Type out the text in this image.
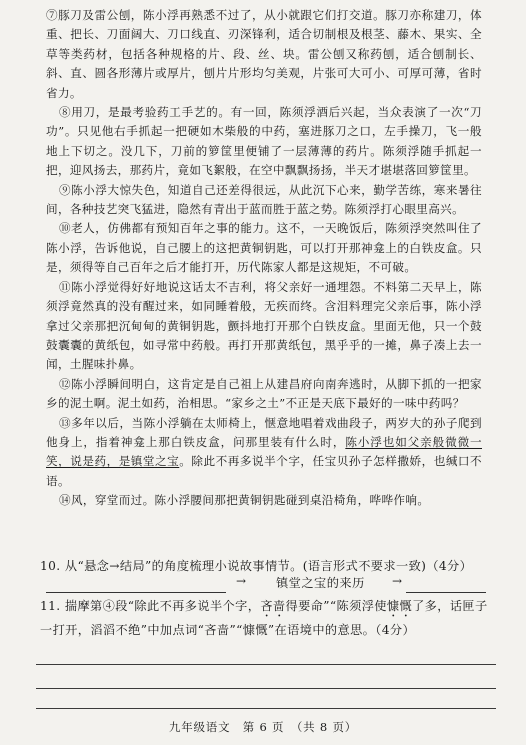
⑦豚刀及雷公刨，陈小浮再熟悉不过了，从小就跟它们打交道。豚刀亦称建刀，体重、把长、刀面阔大、刀口线直、刃深锋利，适合切制根及根茎、藤木、果实、全草等类药材，包括各种规格的片、段、丝、块。雷公刨又称药刨，适合刨制长、斜、直、圆各形薄片或厚片，刨片片形均匀美观，片张可大可小、可厚可薄，省时省力。

⑧用刀，是最考验药工手艺的。有一回，陈须浮酒后兴起，当众表演了一次“刀功”。只见他右手抓起一把硬如木柴般的中药，塞进豚刀之口，左手操刀，飞一般地上下切之。没几下，刀前的箩筐里便铺了一层薄薄的药片。陈须浮随手抓起一把，迎风扬去，那药片，竟如飞絮般，在空中飘飘扬扬，半天才堪堪落回箩筐里。

⑨陈小浮大惊失色，知道自己还差得很远，从此沉下心来，勤学苦练，寒来暑往间，各种技艺突飞猛进，隐然有青出于蓝而胜于蓝之势。陈须浮打心眼里高兴。

⑩老人，仿佛都有预知百年之事的能力。这不，一天晚饭后，陈须浮突然叫住了陈小浮，告诉他说，自己腰上的这把黄铜钥匙，可以打开那神龛上的白铁皮盒。只是，须得等自己百年之后才能打开，历代陈家人都是这规矩，不可破。

⑪陈小浮觉得好好地说这话太不吉利，将父亲好一通埋怨。不料第二天早上，陈须浮竟然真的没有醒过来，如同睡着般，无疾而终。含泪料理完父亲后事，陈小浮拿过父亲那把沉甸甸的黄铜钥匙，颤抖地打开那个白铁皮盒。里面无他，只一个鼓鼓囊囊的黄纸包，如寻常中药般。再打开那黄纸包，黑乎乎的一摊，鼻子凑上去一闻，土腥味扑鼻。

⑫陈小浮瞬间明白，这肯定是自己祖上从建昌府向南奔逃时，从脚下抓的一把家乡的泥土啊。泥土如药，治相思。“家乡之土”不正是天底下最好的一味中药吗？

⑬多年以后，当陈小浮躺在太师椅上，惬意地唱着戏曲段子，两岁大的孙子爬到他身上，指着神龛上那白铁皮盒，问那里装有什么时，陈小浮也如父亲般微微一笑，说是药，是镇堂之宝。除此不再多说半个字，任宝贝孙子怎样撒娇，也缄口不语。

⑭风，穿堂而过。陈小浮腰间那把黄铜钥匙碰到桌沿椅角，哗哗作响。

10. 从“悬念→结局”的角度梳理小说故事情节。(语言形式不要求一致)（4分）
→ 镇堂之宝的来历 →
11. 揣摩第④段“除此不再多说半个字，吝啬得要命”“陈须浮使慷慨了多，话匣子一打开，滔滔不绝”中加点词“吝啬”“慷慨”在语境中的意思。（4分）
九年级语文　第 6 页　（共 8 页）
